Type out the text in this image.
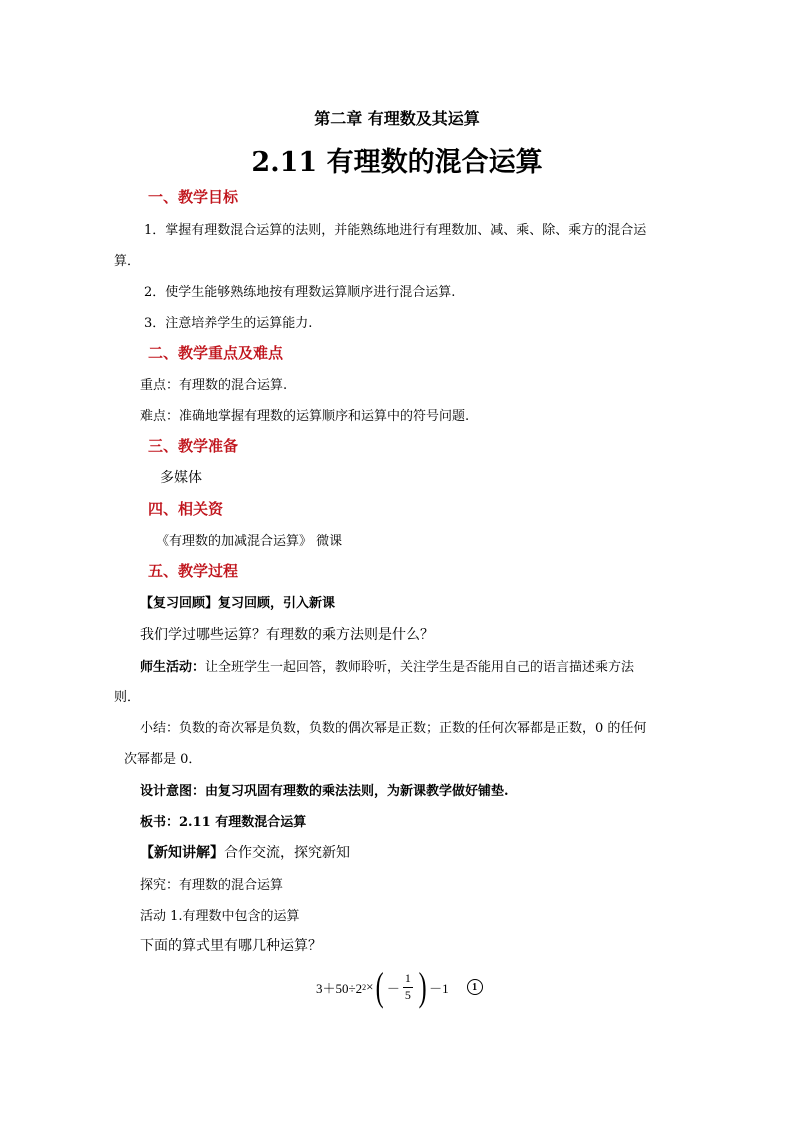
第二章 有理数及其运算
2.11 有理数的混合运算
一、教学目标
1．掌握有理数混合运算的法则，并能熟练地进行有理数加、减、乘、除、乘方的混合运
算．
2．使学生能够熟练地按有理数运算顺序进行混合运算.
3．注意培养学生的运算能力.
二、教学重点及难点
重点：有理数的混合运算.
难点：准确地掌握有理数的运算顺序和运算中的符号问题.
三、教学准备
多媒体
四、相关资
《有理数的加减混合运算》 微课
五、教学过程
【复习回顾】复习回顾，引入新课
我们学过哪些运算？有理数的乘方法则是什么？
师生活动：让全班学生一起回答，教师聆听，关注学生是否能用自己的语言描述乘方法
则．
小结：负数的奇次幂是负数，负数的偶次幂是正数；正数的任何次幂都是正数，0 的任何
次幂都是 0．
设计意图：由复习巩固有理数的乘法法则，为新课教学做好铺垫.
板书：2.11 有理数混合运算
【新知讲解】合作交流，探究新知
探究：有理数的混合运算
活动 1.有理数中包含的运算
下面的算式里有哪几种运算？
3＋50÷2 2 × ( － $\frac{1}{5}$ ) －1	1
